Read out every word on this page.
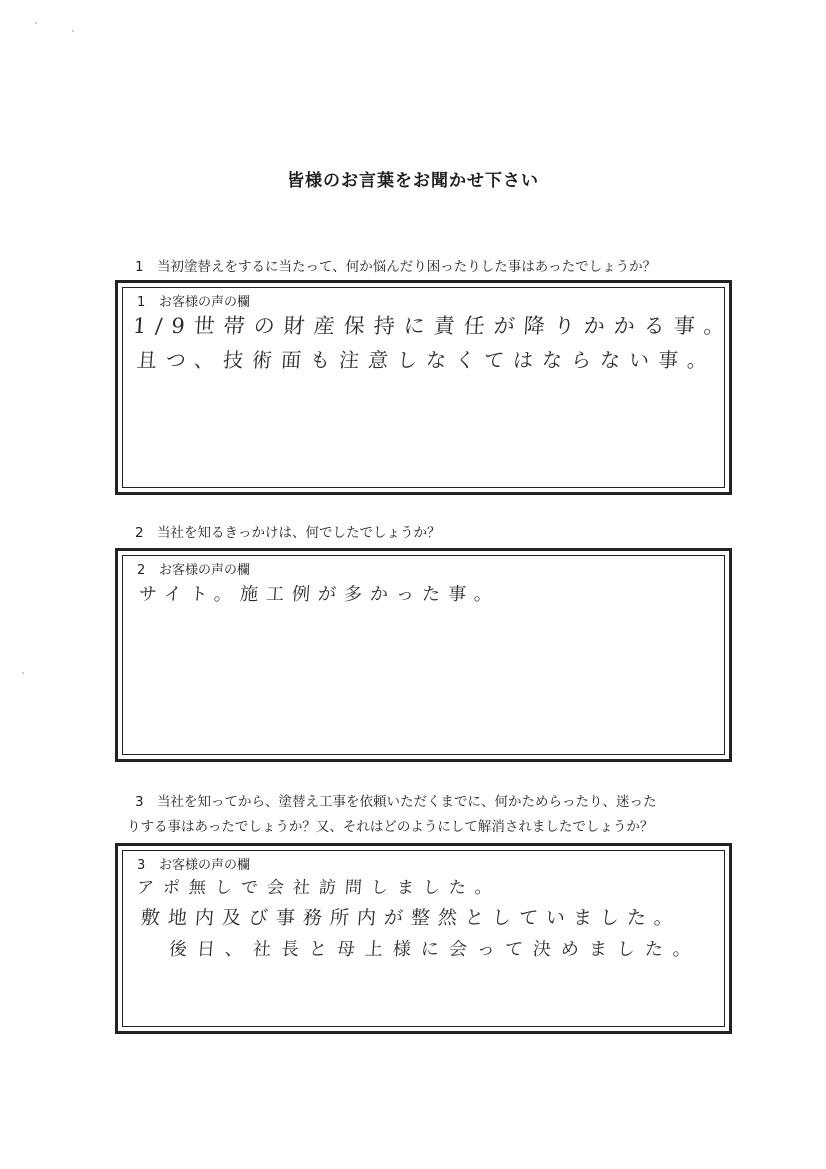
皆様のお言葉をお聞かせ下さい
1 当初塗替えをするに当たって、何か悩んだり困ったりした事はあったでしょうか？
1 お客様の声の欄
1/9世帯の財産保持に責任が降りかかる事。
且つ、技術面も注意しなくてはならない事。
2 当社を知るきっかけは、何でしたでしょうか？
2 お客様の声の欄
サイト。施工例が多かった事。
3 当社を知ってから、塗替え工事を依頼いただくまでに、何かためらったり、迷った
りする事はあったでしょうか？又、それはどのようにして解消されましたでしょうか？
3 お客様の声の欄
アポ無しで会社訪問しました。
敷地内及び事務所内が整然としていました。
後日、社長と母上様に会って決めました。
